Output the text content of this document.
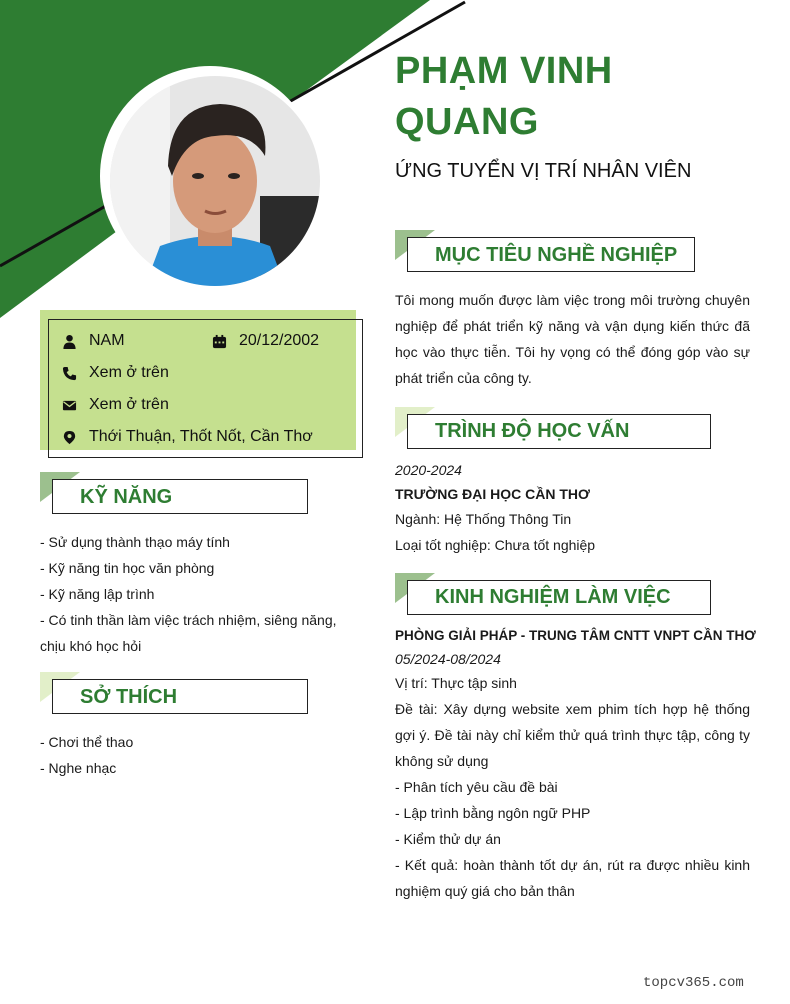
PHẠM VINH QUANG
ỨNG TUYỂN VỊ TRÍ NHÂN VIÊN
NAM	20/12/2002
Xem ở trên
Xem ở trên
Thới Thuận, Thốt Nốt, Cần Thơ
KỸ NĂNG
- Sử dụng thành thạo máy tính
- Kỹ năng tin học văn phòng
- Kỹ năng lập trình
- Có tinh thần làm việc trách nhiệm, siêng năng, chịu khó học hỏi
SỞ THÍCH
- Chơi thể thao
- Nghe nhạc
MỤC TIÊU NGHỀ NGHIỆP
Tôi mong muốn được làm việc trong môi trường chuyên nghiệp để phát triển kỹ năng và vận dụng kiến thức đã học vào thực tiễn. Tôi hy vọng có thể đóng góp vào sự phát triển của công ty.
TRÌNH ĐỘ HỌC VẤN
2020-2024
TRƯỜNG ĐẠI HỌC CẦN THƠ
Ngành: Hệ Thống Thông Tin
Loại tốt nghiệp: Chưa tốt nghiệp
KINH NGHIỆM LÀM VIỆC
PHÒNG GIẢI PHÁP - TRUNG TÂM CNTT VNPT CẦN THƠ
05/2024-08/2024
Vị trí: Thực tập sinh
Đề tài: Xây dựng website xem phim tích hợp hệ thống gợi ý. Đề tài này chỉ kiểm thử quá trình thực tập, công ty không sử dụng
- Phân tích yêu cầu đề bài
- Lập trình bằng ngôn ngữ PHP
- Kiểm thử dự án
- Kết quả: hoàn thành tốt dự án, rút ra được nhiều kinh nghiệm quý giá cho bản thân
topcv365.com
